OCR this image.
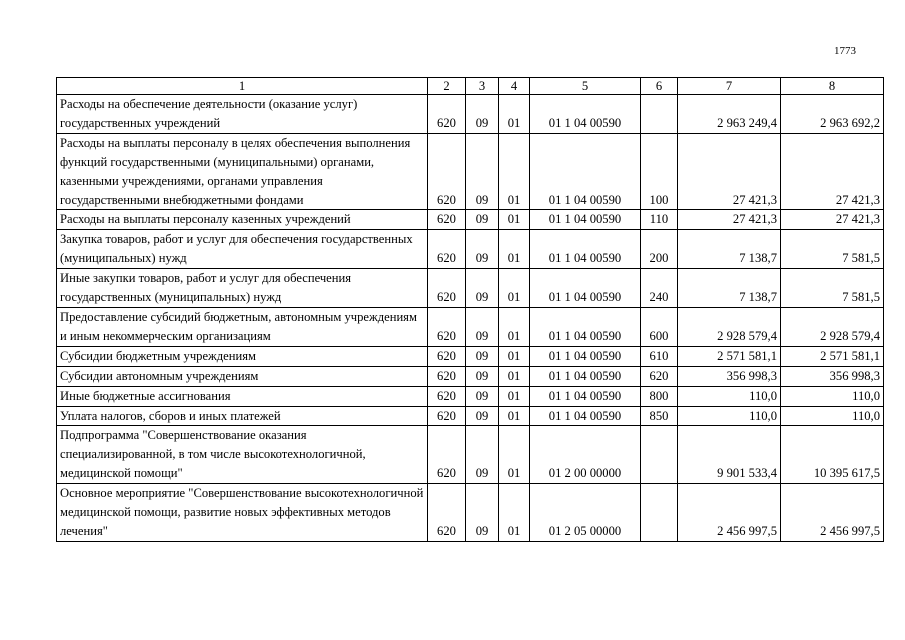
1773
1	2	3	4	5	6	7	8
Расходы на обеспечение деятельности (оказание услуг) государственных учреждений	620	09	01	01 1 04 00590		2 963 249,4	2 963 692,2
Расходы на выплаты персоналу в целях обеспечения выполнения функций государственными (муниципальными) органами, казенными учреждениями, органами управления государственными внебюджетными фондами	620	09	01	01 1 04 00590	100	27 421,3	27 421,3
Расходы на выплаты персоналу казенных учреждений	620	09	01	01 1 04 00590	110	27 421,3	27 421,3
Закупка товаров, работ и услуг для обеспечения государственных (муниципальных) нужд	620	09	01	01 1 04 00590	200	7 138,7	7 581,5
Иные закупки товаров, работ и услуг для обеспечения государственных (муниципальных) нужд	620	09	01	01 1 04 00590	240	7 138,7	7 581,5
Предоставление субсидий бюджетным, автономным учреждениям и иным некоммерческим организациям	620	09	01	01 1 04 00590	600	2 928 579,4	2 928 579,4
Субсидии бюджетным учреждениям	620	09	01	01 1 04 00590	610	2 571 581,1	2 571 581,1
Субсидии автономным учреждениям	620	09	01	01 1 04 00590	620	356 998,3	356 998,3
Иные бюджетные ассигнования	620	09	01	01 1 04 00590	800	110,0	110,0
Уплата налогов, сборов и иных платежей	620	09	01	01 1 04 00590	850	110,0	110,0
Подпрограмма "Совершенствование оказания специализированной, в том числе высокотехнологичной, медицинской помощи"	620	09	01	01 2 00 00000		9 901 533,4	10 395 617,5
Основное мероприятие "Совершенствование высокотехнологичной медицинской помощи, развитие новых эффективных методов лечения"	620	09	01	01 2 05 00000		2 456 997,5	2 456 997,5
